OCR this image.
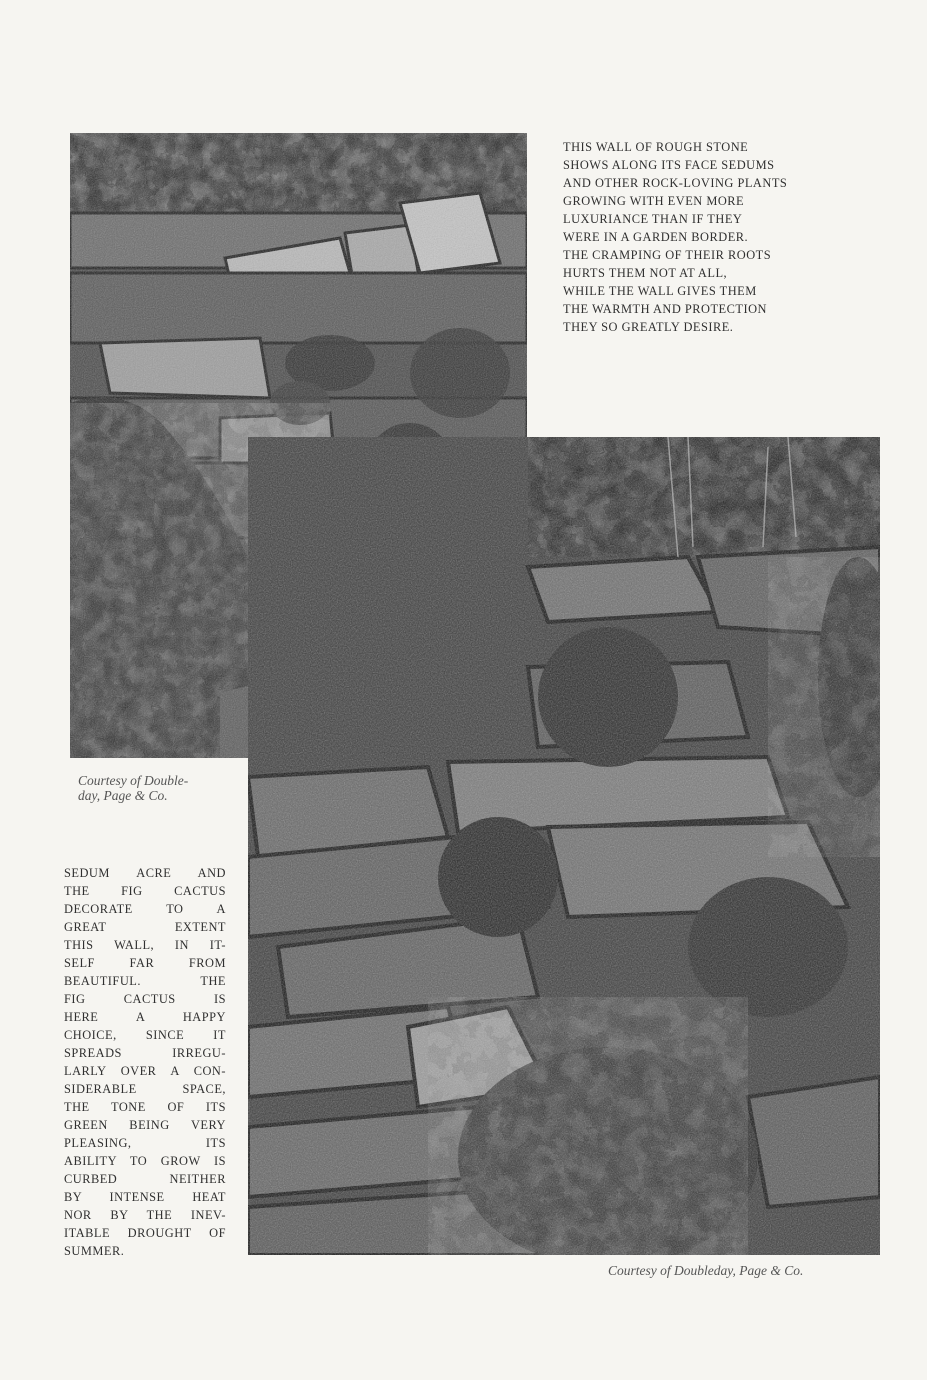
THIS WALL OF ROUGH STONE
SHOWS ALONG ITS FACE SEDUMS
AND OTHER ROCK-LOVING PLANTS
GROWING WITH EVEN MORE
LUXURIANCE THAN IF THEY
WERE IN A GARDEN BORDER.
THE CRAMPING OF THEIR ROOTS
HURTS THEM NOT AT ALL,
WHILE THE WALL GIVES THEM
THE WARMTH AND PROTECTION
THEY SO GREATLY DESIRE.
Courtesy of Double-
day, Page & Co.
SEDUM ACRE AND
THE FIG CACTUS
DECORATE TO A
GREAT EXTENT
THIS WALL, IN IT-
SELF FAR FROM
BEAUTIFUL. THE
FIG CACTUS IS
HERE A HAPPY
CHOICE, SINCE IT
SPREADS IRREGU-
LARLY OVER A CON-
SIDERABLE SPACE,
THE TONE OF ITS
GREEN BEING VERY
PLEASING, ITS
ABILITY TO GROW IS
CURBED NEITHER
BY INTENSE HEAT
NOR BY THE INEV-
ITABLE DROUGHT OF
SUMMER.
Courtesy of Doubleday, Page & Co.
